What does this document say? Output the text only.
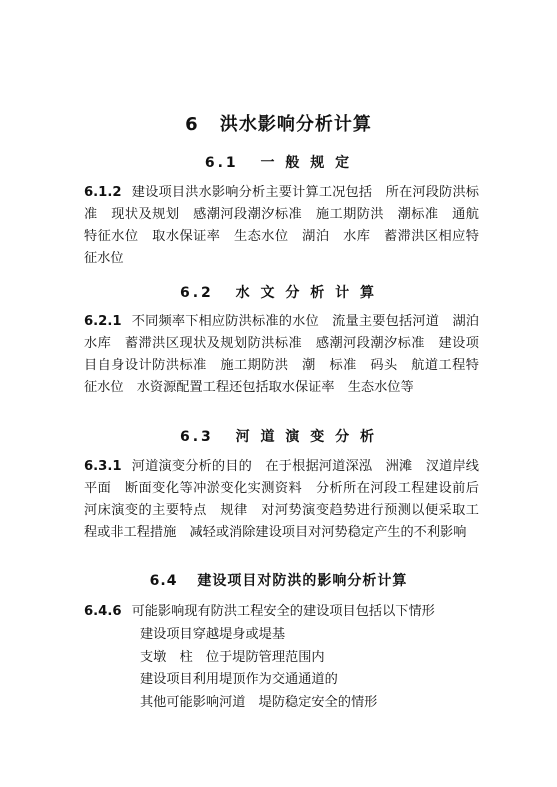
6 洪水影响分析计算
6.1 一 般 规 定
6.1.2 建设项目洪水影响分析主要计算工况包括　所在河段防洪标准　现状及规划　感潮河段潮汐标准　施工期防洪　潮标准　通航特征水位　取水保证率　生态水位　湖泊　水库　蓄滞洪区相应特征水位
6.2 水 文 分 析 计 算
6.2.1 不同频率下相应防洪标准的水位　流量主要包括河道　湖泊　水库　蓄滞洪区现状及规划防洪标准　感潮河段潮汐标准　建设项目自身设计防洪标准　施工期防洪　潮　标准　码头　航道工程特征水位　水资源配置工程还包括取水保证率　生态水位等
6.3 河 道 演 变 分 析
6.3.1 河道演变分析的目的　在于根据河道深泓　洲滩　汊道岸线平面　断面变化等冲淤变化实测资料　分析所在河段工程建设前后河床演变的主要特点　规律　对河势演变趋势进行预测以便采取工程或非工程措施　减轻或消除建设项目对河势稳定产生的不利影响
6.4 建设项目对防洪的影响分析计算
6.4.6 可能影响现有防洪工程安全的建设项目包括以下情形
建设项目穿越堤身或堤基
支墩　柱　位于堤防管理范围内
建设项目利用堤顶作为交通通道的
其他可能影响河道　堤防稳定安全的情形
